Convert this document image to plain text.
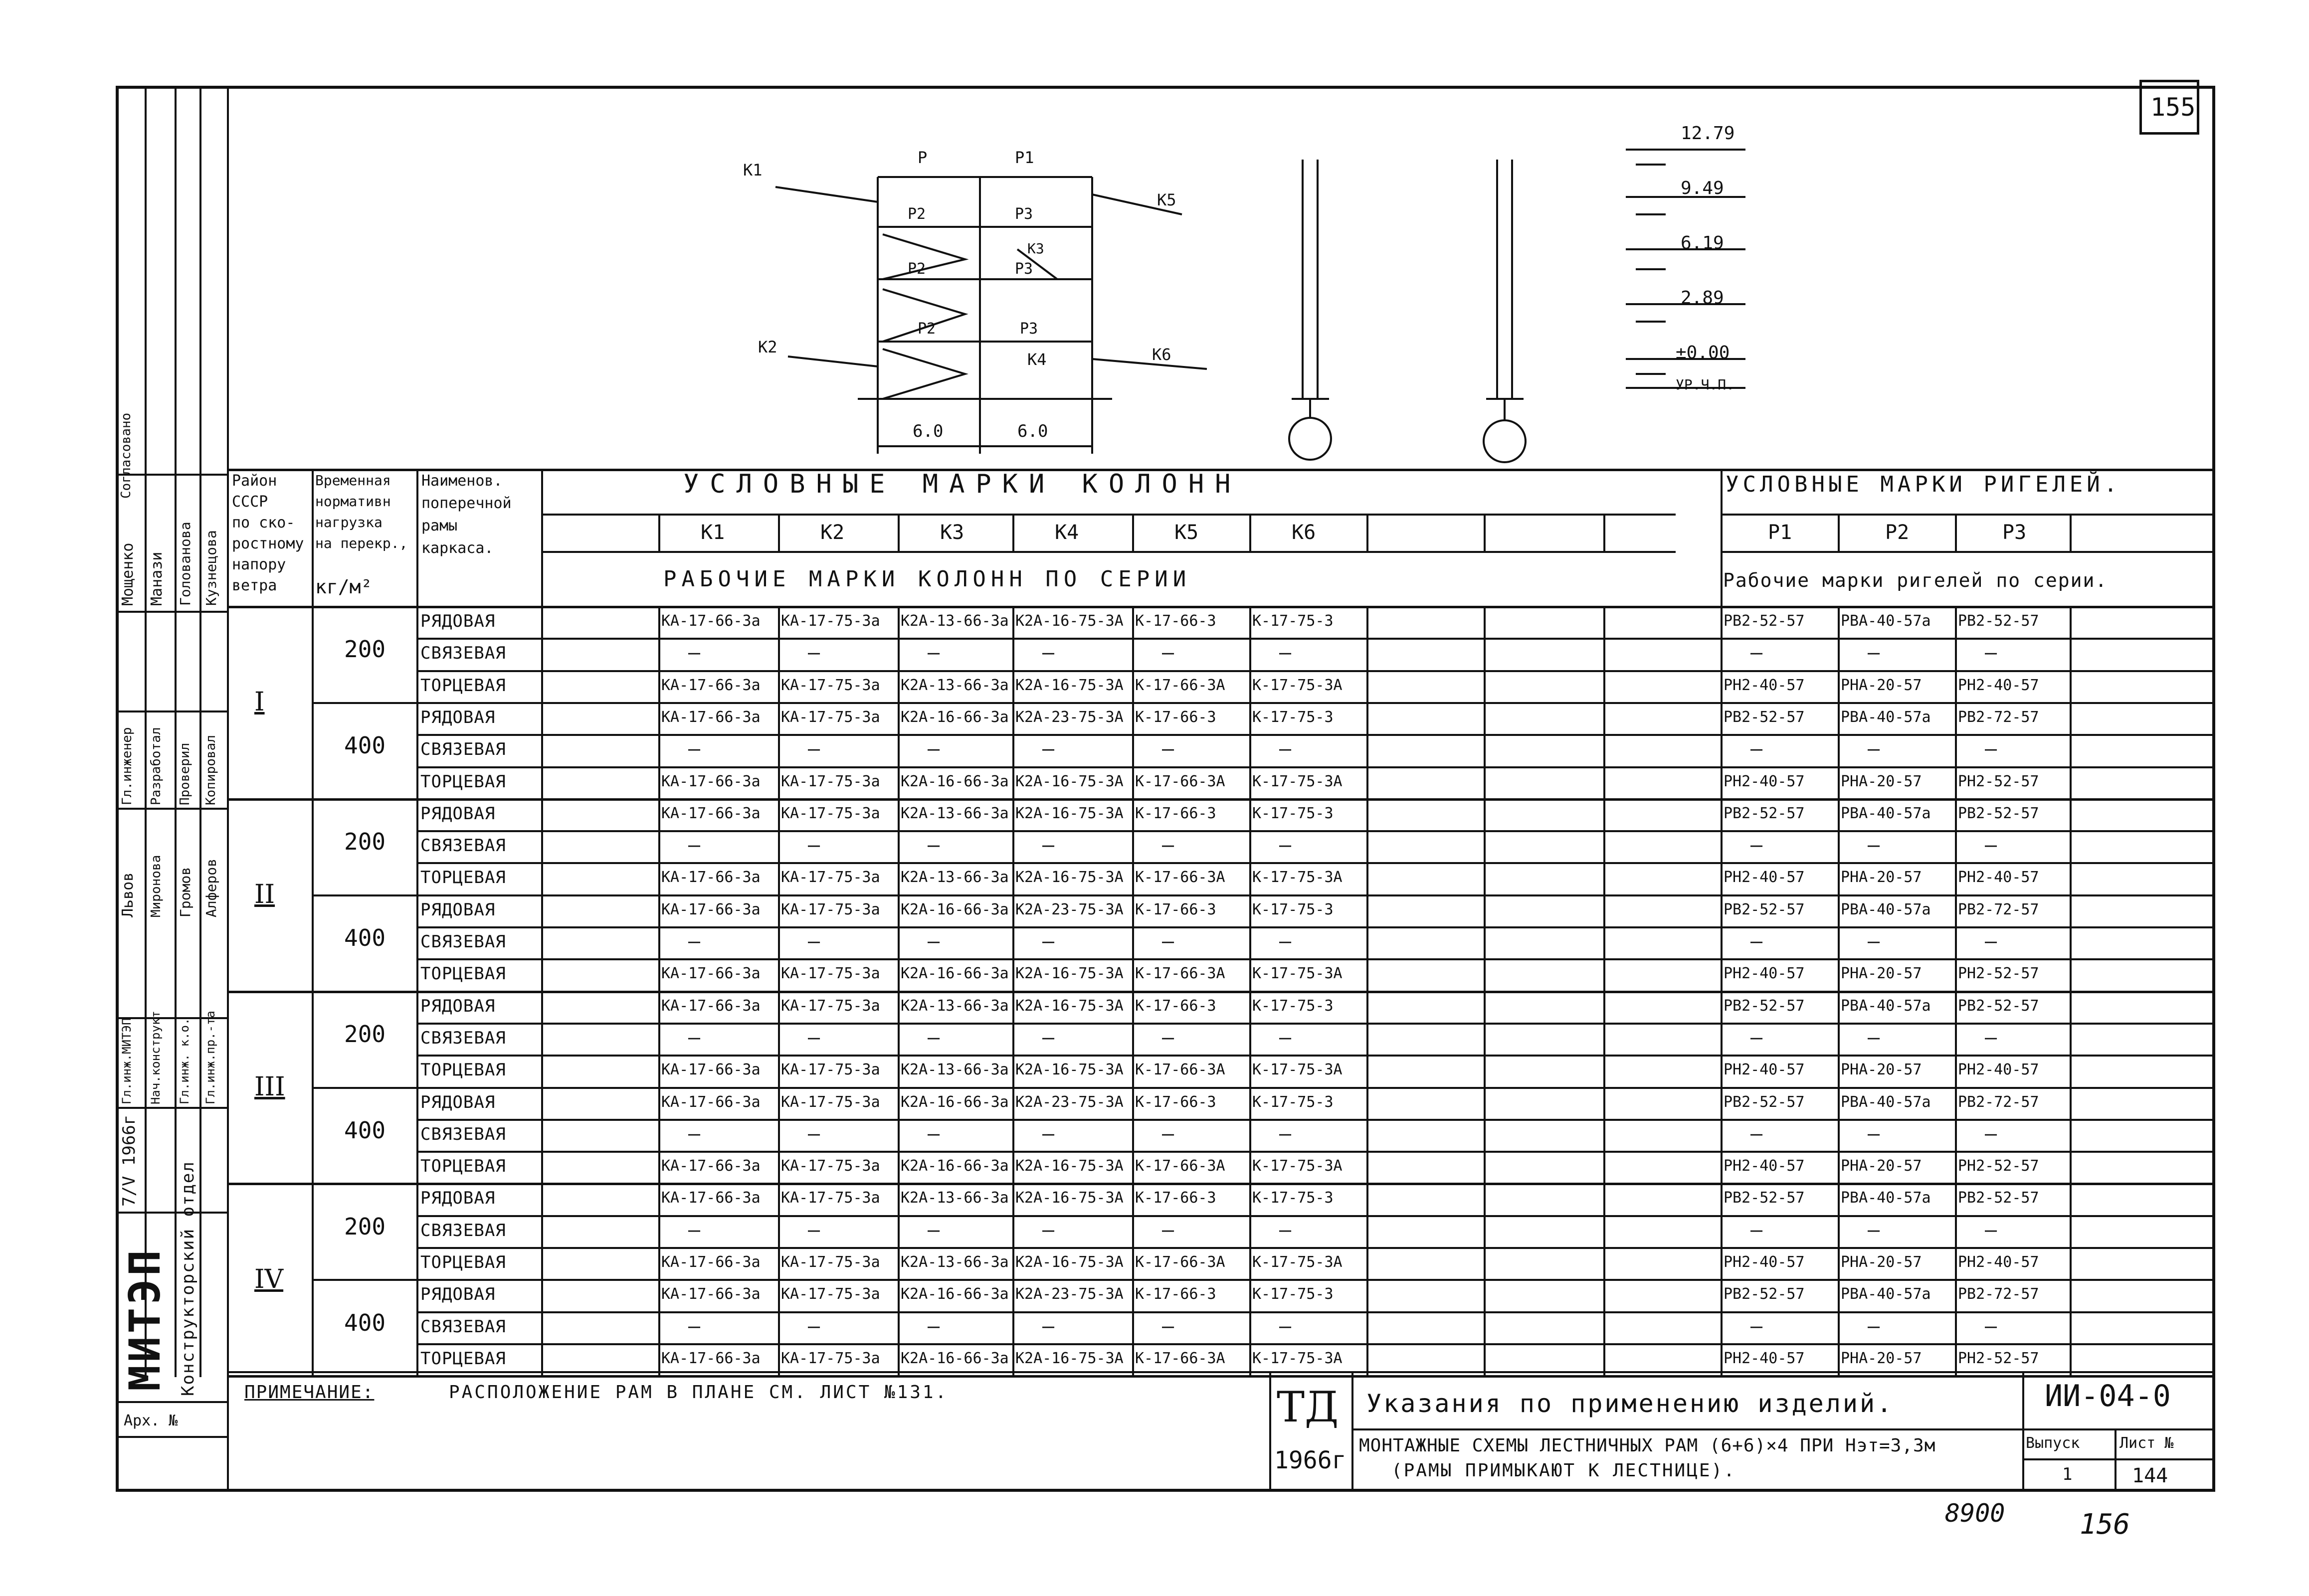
155
Согласовано
Мощенко Манази Голованова Кузнецова
Гл.инженер Разработал Проверил Копировал
Львов Миронова Громов Алферов
Гл.инж.МИТЭП Нач.конструкт Гл.инж. к.о. Гл.инж.пр.-та
7/V 1966г
МИТЭП Конструкторский отдел
Арх. №
P	P1
P2	P3
P2	P3
P2	P3
K1
K2
K3
K4
K5
K6
6.0	6.0
12.79
9.49
6.19
2.89
±0.00
УР.Ч.П.
Район
СССР
по ско-
ростному
напору
ветра
Временная
нормативн
нагрузка
на перекр.,
кг/м²
Наименов.
поперечной
рамы
каркаса.
УСЛОВНЫЕ МАРКИ КОЛОНН
РАБОЧИЕ МАРКИ КОЛОНН ПО СЕРИИ
УСЛОВНЫЕ МАРКИ РИГЕЛЕЙ.
Рабочие марки ригелей по серии.
К1	К2	К3	К4	К5	К6	Р1	Р2	Р3
I
II
III
IV
200
400
200
400
200
400
200
400
РЯДОВАЯ	КА-17-66-3а КА-17-75-3а К2А-13-66-3а К2А-16-75-3А К-17-66-3 К-17-75-3	РВ2-52-57 РВА-40-57а РВ2-52-57
СВЯЗЕВАЯ	—	—	—	—	—	—	—	—	—
ТОРЦЕВАЯ	КА-17-66-3а КА-17-75-3а К2А-13-66-3а К2А-16-75-3А К-17-66-3А К-17-75-3А	РН2-40-57 РНА-20-57 РН2-40-57
РЯДОВАЯ	КА-17-66-3а КА-17-75-3а К2А-16-66-3а К2А-23-75-3А К-17-66-3 К-17-75-3	РВ2-52-57 РВА-40-57а РВ2-72-57
СВЯЗЕВАЯ	—	—	—	—	—	—	—	—	—
ТОРЦЕВАЯ	КА-17-66-3а КА-17-75-3а К2А-16-66-3а К2А-16-75-3А К-17-66-3А К-17-75-3А	РН2-40-57 РНА-20-57 РН2-52-57
РЯДОВАЯ	КА-17-66-3а КА-17-75-3а К2А-13-66-3а К2А-16-75-3А К-17-66-3 К-17-75-3	РВ2-52-57 РВА-40-57а РВ2-52-57
СВЯЗЕВАЯ	—	—	—	—	—	—	—	—	—
ТОРЦЕВАЯ	КА-17-66-3а КА-17-75-3а К2А-13-66-3а К2А-16-75-3А К-17-66-3А К-17-75-3А	РН2-40-57 РНА-20-57 РН2-40-57
РЯДОВАЯ	КА-17-66-3а КА-17-75-3а К2А-16-66-3а К2А-23-75-3А К-17-66-3 К-17-75-3	РВ2-52-57 РВА-40-57а РВ2-72-57
СВЯЗЕВАЯ	—	—	—	—	—	—	—	—	—
ТОРЦЕВАЯ	КА-17-66-3а КА-17-75-3а К2А-16-66-3а К2А-16-75-3А К-17-66-3А К-17-75-3А	РН2-40-57 РНА-20-57 РН2-52-57
РЯДОВАЯ	КА-17-66-3а КА-17-75-3а К2А-13-66-3а К2А-16-75-3А К-17-66-3 К-17-75-3	РВ2-52-57 РВА-40-57а РВ2-52-57
СВЯЗЕВАЯ	—	—	—	—	—	—	—	—	—
ТОРЦЕВАЯ	КА-17-66-3а КА-17-75-3а К2А-13-66-3а К2А-16-75-3А К-17-66-3А К-17-75-3А	РН2-40-57 РНА-20-57 РН2-40-57
РЯДОВАЯ	КА-17-66-3а КА-17-75-3а К2А-16-66-3а К2А-23-75-3А К-17-66-3 К-17-75-3	РВ2-52-57 РВА-40-57а РВ2-72-57
СВЯЗЕВАЯ	—	—	—	—	—	—	—	—	—
ТОРЦЕВАЯ	КА-17-66-3а КА-17-75-3а К2А-16-66-3а К2А-16-75-3А К-17-66-3А К-17-75-3А	РН2-40-57 РНА-20-57 РН2-52-57
РЯДОВАЯ	КА-17-66-3а КА-17-75-3а К2А-13-66-3а К2А-16-75-3А К-17-66-3 К-17-75-3	РВ2-52-57 РВА-40-57а РВ2-52-57
СВЯЗЕВАЯ	—	—	—	—	—	—	—	—	—
ТОРЦЕВАЯ	КА-17-66-3а КА-17-75-3а К2А-13-66-3а К2А-16-75-3А К-17-66-3А К-17-75-3А	РН2-40-57 РНА-20-57 РН2-40-57
РЯДОВАЯ	КА-17-66-3а КА-17-75-3а К2А-16-66-3а К2А-23-75-3А К-17-66-3 К-17-75-3	РВ2-52-57 РВА-40-57а РВ2-72-57
СВЯЗЕВАЯ	—	—	—	—	—	—	—	—	—
ТОРЦЕВАЯ	КА-17-66-3а КА-17-75-3а К2А-16-66-3а К2А-16-75-3А К-17-66-3А К-17-75-3А	РН2-40-57 РНА-20-57 РН2-52-57
ПРИМЕЧАНИЕ:	РАСПОЛОЖЕНИЕ РАМ В ПЛАНЕ СМ. ЛИСТ №131.	ТД
1966г
Указания по применению изделий.
МОНТАЖНЫЕ СХЕМЫ ЛЕСТНИЧНЫХ РАМ (6+6)×4 ПРИ Нэт=3,3м
(РАМЫ ПРИМЫКАЮТ К ЛЕСТНИЦЕ).
ИИ-04-0
Выпуск
1
Лист №
144
8900	156
